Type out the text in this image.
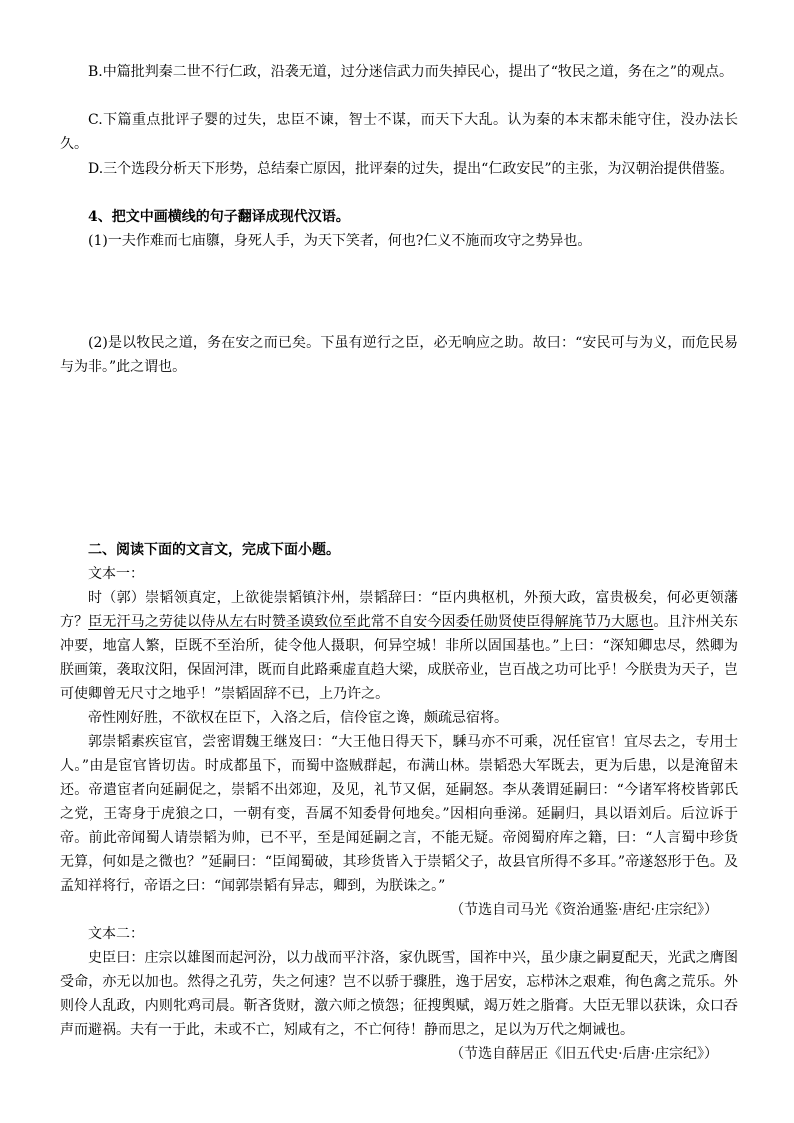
B.中篇批判秦二世不行仁政，沿袭无道，过分迷信武力而失掉民心，提出了“牧民之道，务在之”的观点。

C.下篇重点批评子婴的过失，忠臣不谏，智士不谋，而天下大乱。认为秦的本末都未能守住，没办法长久。

D.三个选段分析天下形势，总结秦亡原因，批评秦的过失，提出“仁政安民”的主张，为汉朝治提供借鉴。

4、把文中画横线的句子翻译成现代汉语。

(1)一夫作难而七庙隳，身死人手，为天下笑者，何也?仁义不施而攻守之势异也。

(2)是以牧民之道，务在安之而已矣。下虽有逆行之臣，必无响应之助。故曰：“安民可与为义，而危民易与为非。”此之谓也。

二、阅读下面的文言文，完成下面小题。

文本一：

时（郭）崇韬领真定，上欲徙崇韬镇汴州，崇韬辞曰：“臣内典枢机，外预大政，富贵极矣，何必更领藩方？臣无汗马之劳徒以侍从左右时赞圣谟致位至此常不自安今因委任勋贤使臣得解旄节乃大愿也。且汴州关东冲要，地富人繁，臣既不至治所，徒令他人摄职，何异空城！非所以固国基也。”上曰：“深知卿忠尽，然卿为朕画策，袭取汶阳，保固河津，既而自此路乘虚直趋大梁，成朕帝业，岂百战之功可比乎！今朕贵为天子，岂可使卿曾无尺寸之地乎！”崇韬固辞不已，上乃许之。

帝性刚好胜，不欲权在臣下，入洛之后，信伶宦之谗，颇疏忌宿将。

郭崇韬素疾宦官，尝密谓魏王继岌曰：“大王他日得天下，騬马亦不可乘，况任宦官！宜尽去之，专用士人。”由是宦官皆切齿。时成都虽下，而蜀中盗贼群起，布满山林。崇韬恐大军既去，更为后患，以是淹留未还。帝遣宦者向延嗣促之，崇韬不出郊迎，及见，礼节又倨，延嗣怒。李从袭谓延嗣曰：“今诸军将校皆郭氏之党，王寄身于虎狼之口，一朝有变，吾属不知委骨何地矣。”因相向垂涕。延嗣归，具以语刘后。后泣诉于帝。前此帝闻蜀人请崇韬为帅，已不平，至是闻延嗣之言，不能无疑。帝阅蜀府库之籍，曰：“人言蜀中珍货无算，何如是之微也？”延嗣曰：“臣闻蜀破，其珍货皆入于崇韬父子，故县官所得不多耳。”帝遂怒形于色。及孟知祥将行，帝语之曰：“闻郭崇韬有异志，卿到，为朕诛之。”

（节选自司马光《资治通鉴·唐纪·庄宗纪》）

文本二：

史臣曰：庄宗以雄图而起河汾，以力战而平汴洛，家仇既雪，国祚中兴，虽少康之嗣夏配天，光武之膺图受命，亦无以加也。然得之孔劳，失之何速？岂不以骄于骤胜，逸于居安，忘栉沐之艰难，徇色禽之荒乐。外则伶人乱政，内则牝鸡司晨。靳吝货财，激六师之愤怨；征搜舆赋，竭万姓之脂膏。大臣无罪以获诛，众口吞声而避祸。夫有一于此，未或不亡，矧咸有之，不亡何待！静而思之，足以为万代之炯诫也。

（节选自薛居正《旧五代史·后唐·庄宗纪》）
